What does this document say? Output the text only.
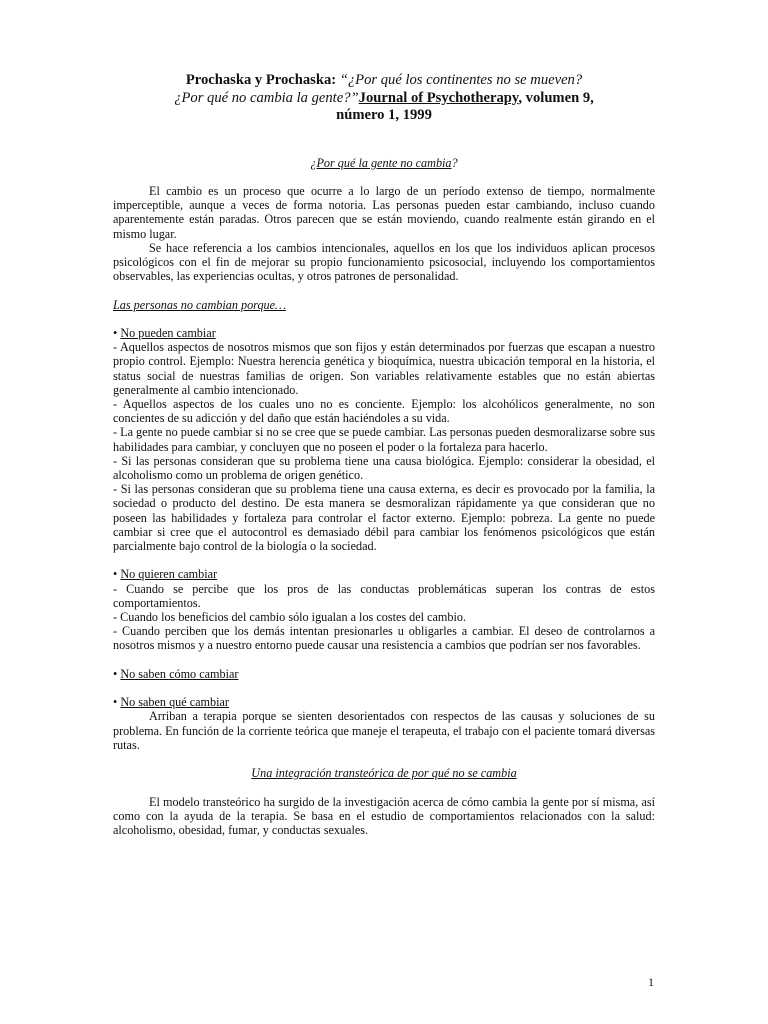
Prochaska y Prochaska: “¿Por qué los continentes no se mueven?
¿Por qué no cambia la gente?”Journal of Psychotherapy, volumen 9,
número 1, 1999

¿Por qué la gente no cambia?

El cambio es un proceso que ocurre a lo largo de un período extenso de tiempo, normalmente imperceptible, aunque a veces de forma notoria. Las personas pueden estar cambiando, incluso cuando aparentemente están paradas. Otros parecen que se están moviendo, cuando realmente están girando en el mismo lugar.

Se hace referencia a los cambios intencionales, aquellos en los que los individuos aplican procesos psicológicos con el fin de mejorar su propio funcionamiento psicosocial, incluyendo los comportamientos observables, las experiencias ocultas, y otros patrones de personalidad.

Las personas no cambian porque…

• No pueden cambiar

- Aquellos aspectos de nosotros mismos que son fijos y están determinados por fuerzas que escapan a nuestro propio control. Ejemplo: Nuestra herencia genética y bioquímica, nuestra ubicación temporal en la historia, el status social de nuestras familias de origen. Son variables relativamente estables que no están abiertas generalmente al cambio intencionado.

- Aquellos aspectos de los cuales uno no es conciente. Ejemplo: los alcohólicos generalmente, no son concientes de su adicción y del daño que están haciéndoles a su vida.

- La gente no puede cambiar si no se cree que se puede cambiar. Las personas pueden desmoralizarse sobre sus habilidades para cambiar, y concluyen que no poseen el poder o la fortaleza para hacerlo.

- Si las personas consideran que su problema tiene una causa biológica. Ejemplo: considerar la obesidad, el alcoholismo como un problema de origen genético.

- Si las personas consideran que su problema tiene una causa externa, es decir es provocado por la familia, la sociedad o producto del destino. De esta manera se desmoralizan rápidamente ya que consideran que no poseen las habilidades y fortaleza para controlar el factor externo. Ejemplo: pobreza. La gente no puede cambiar si cree que el autocontrol es demasiado débil para cambiar los fenómenos psicológicos que están parcialmente bajo control de la biología o la sociedad.

• No quieren cambiar

- Cuando se percibe que los pros de las conductas problemáticas superan los contras de estos comportamientos.

- Cuando los beneficios del cambio sólo igualan a los costes del cambio.

- Cuando perciben que los demás intentan presionarles u obligarles a cambiar. El deseo de controlarnos a nosotros mismos y a nuestro entorno puede causar una resistencia a cambios que podrían ser nos favorables.

• No saben cómo cambiar

• No saben qué cambiar

Arriban a terapia porque se sienten desorientados con respectos de las causas y soluciones de su problema. En función de la corriente teórica que maneje el terapeuta, el trabajo con el paciente tomará diversas rutas.

Una integración transteórica de por qué no se cambia

El modelo transteórico ha surgido de la investigación acerca de cómo cambia la gente por sí misma, así como con la ayuda de la terapia. Se basa en el estudio de comportamientos relacionados con la salud: alcoholismo, obesidad, fumar, y conductas sexuales.

1
